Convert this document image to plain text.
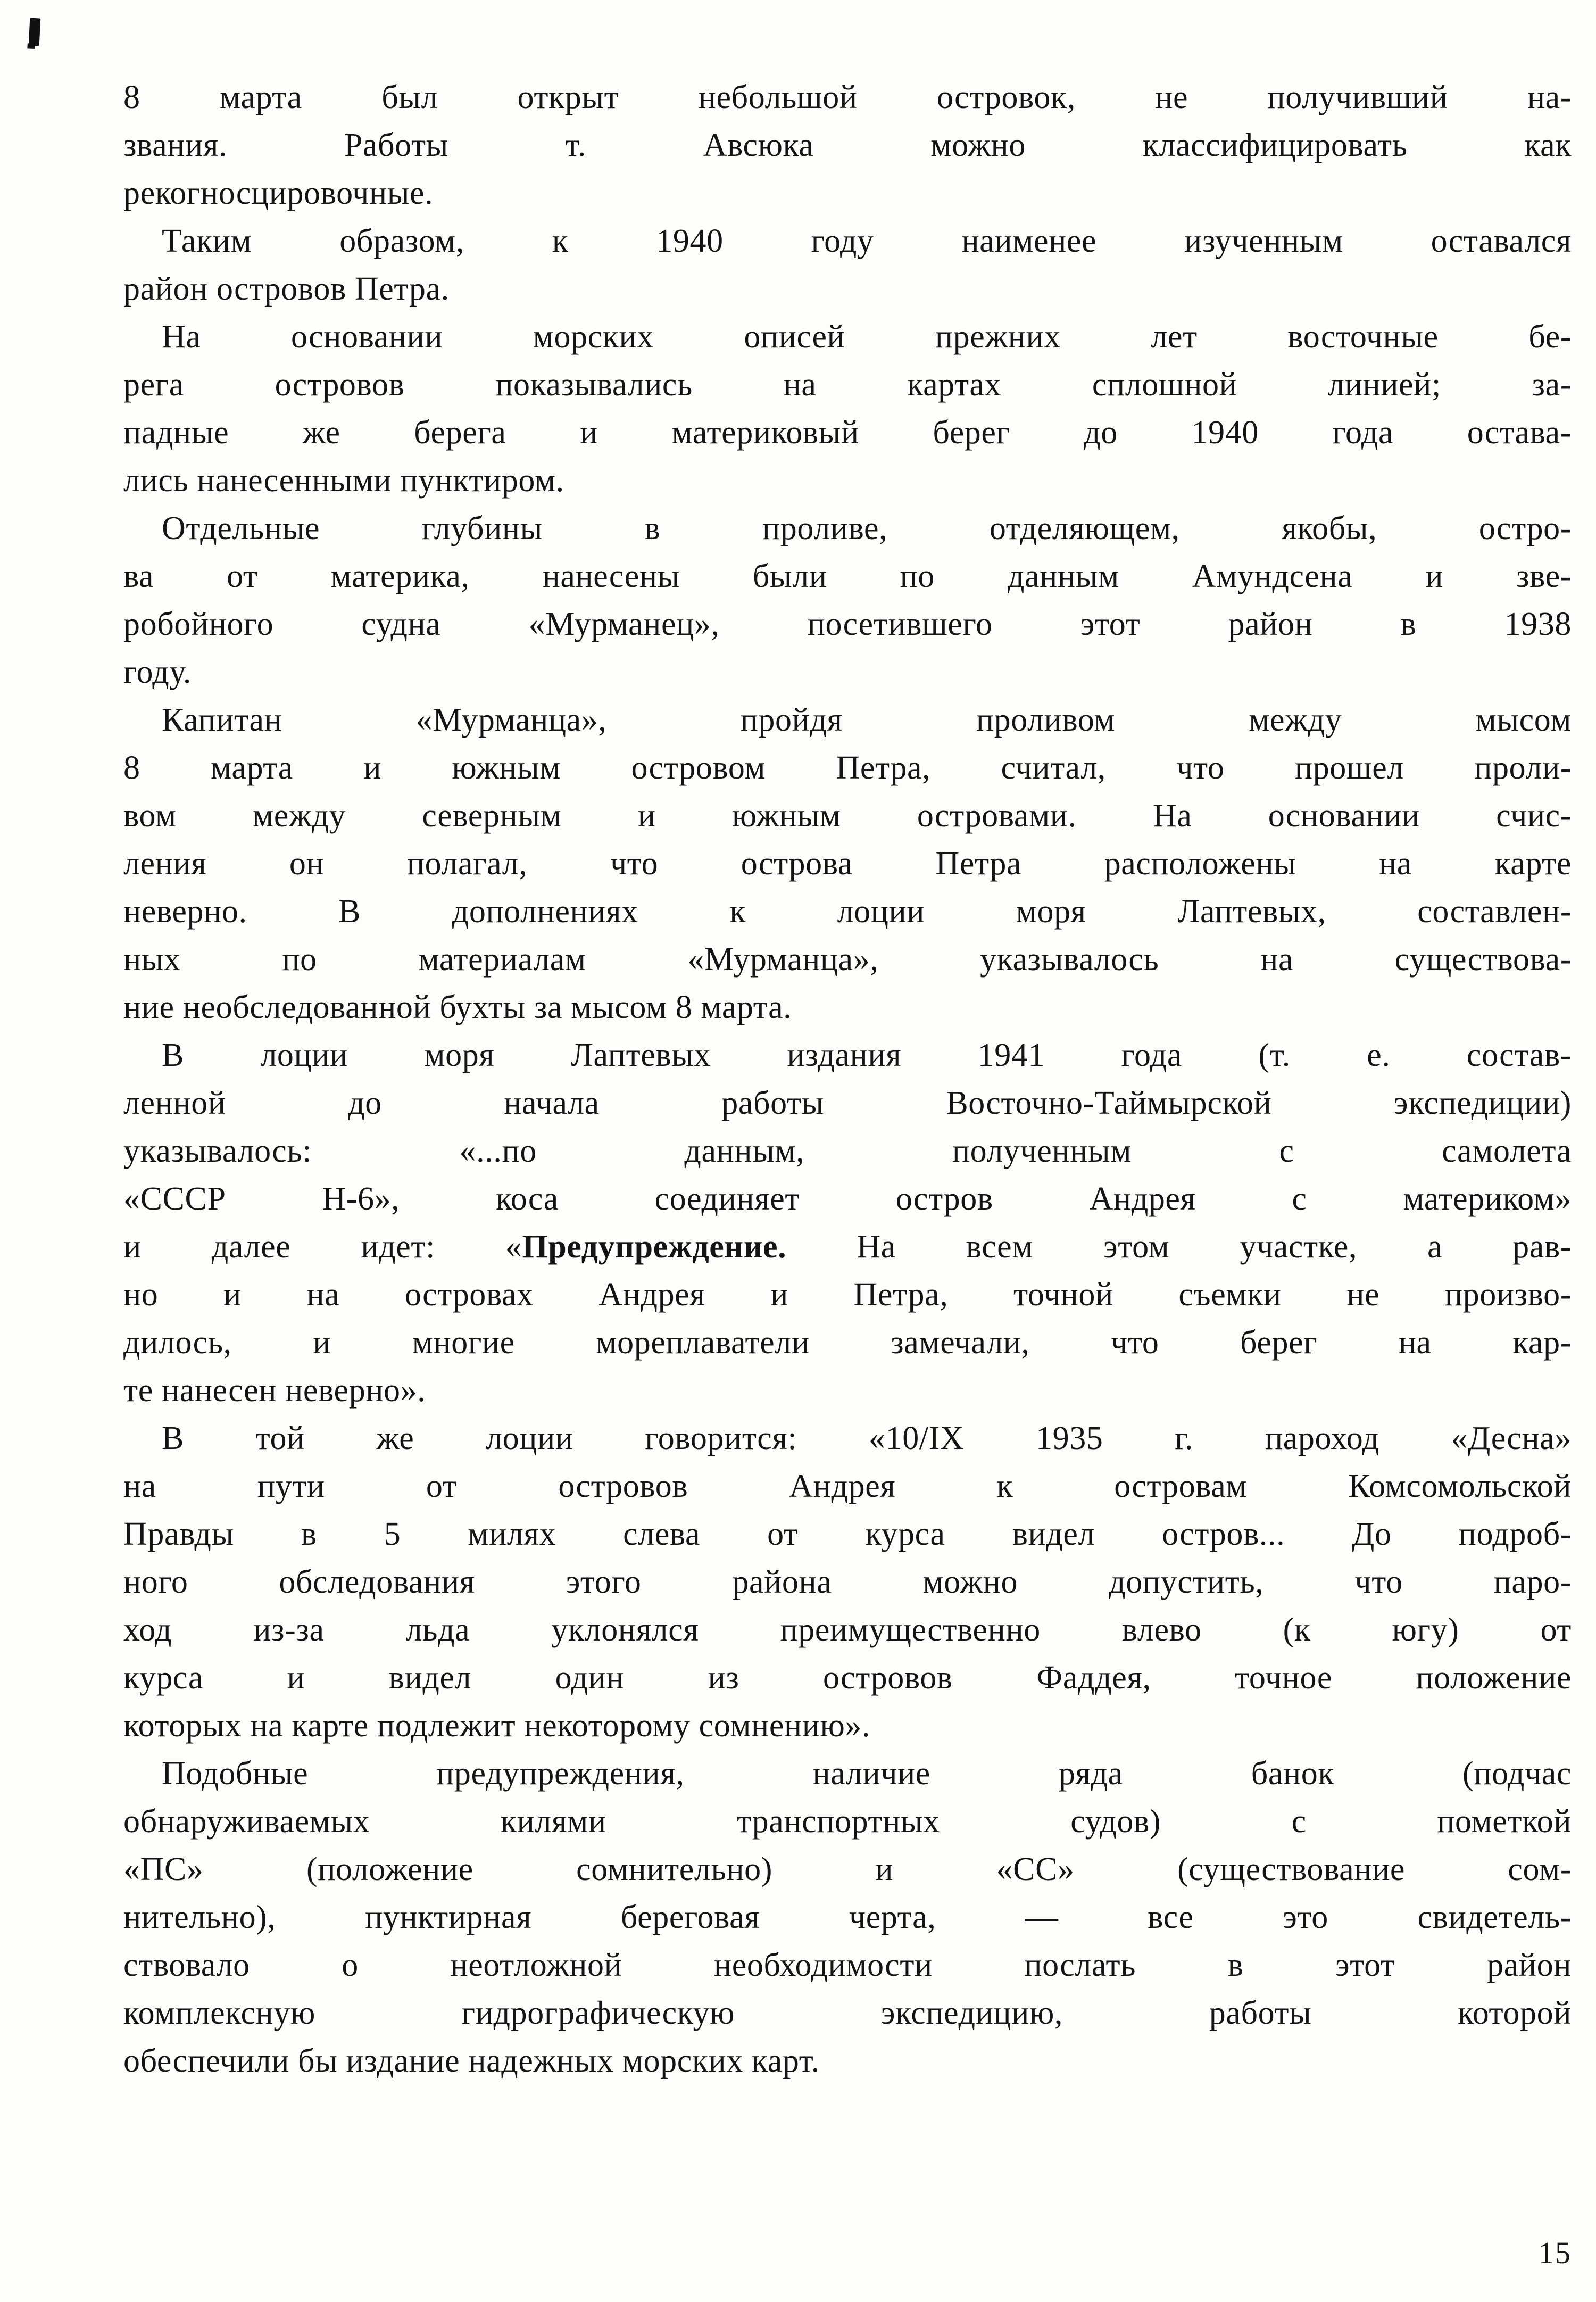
8 марта был открыт небольшой островок, не получивший на-
звания. Работы т. Авсюка можно классифицировать как
рекогносцировочные.
Таким образом, к 1940 году наименее изученным оставался
район островов Петра.
На основании морских описей прежних лет восточные бе-
рега островов показывались на картах сплошной линией; за-
падные же берега и материковый берег до 1940 года остава-
лись нанесенными пунктиром.
Отдельные глубины в проливе, отделяющем, якобы, остро-
ва от материка, нанесены были по данным Амундсена и зве-
робойного судна «Мурманец», посетившего этот район в 1938
году.
Капитан «Мурманца», пройдя проливом между мысом
8 марта и южным островом Петра, считал, что прошел проли-
вом между северным и южным островами. На основании счис-
ления он полагал, что острова Петра расположены на карте
неверно. В дополнениях к лоции моря Лаптевых, составлен-
ных по материалам «Мурманца», указывалось на существова-
ние необследованной бухты за мысом 8 марта.
В лоции моря Лаптевых издания 1941 года (т. е. состав-
ленной до начала работы Восточно-Таймырской экспедиции)
указывалось: «...по данным, полученным с самолета
«СССР Н-6», коса соединяет остров Андрея с материком»
и далее идет: «Предупреждение. На всем этом участке, а рав-
но и на островах Андрея и Петра, точной съемки не произво-
дилось, и многие мореплаватели замечали, что берег на кар-
те нанесен неверно».
В той же лоции говорится: «10/IX 1935 г. пароход «Десна»
на пути от островов Андрея к островам Комсомольской
Правды в 5 милях слева от курса видел остров... До подроб-
ного обследования этого района можно допустить, что паро-
ход из-за льда уклонялся преимущественно влево (к югу) от
курса и видел один из островов Фаддея, точное положение
которых на карте подлежит некоторому сомнению».
Подобные предупреждения, наличие ряда банок (подчас
обнаруживаемых килями транспортных судов) с пометкой
«ПС» (положение сомнительно) и «СС» (существование сом-
нительно), пунктирная береговая черта, — все это свидетель-
ствовало о неотложной необходимости послать в этот район
комплексную гидрографическую экспедицию, работы которой
обеспечили бы издание надежных морских карт.
15
